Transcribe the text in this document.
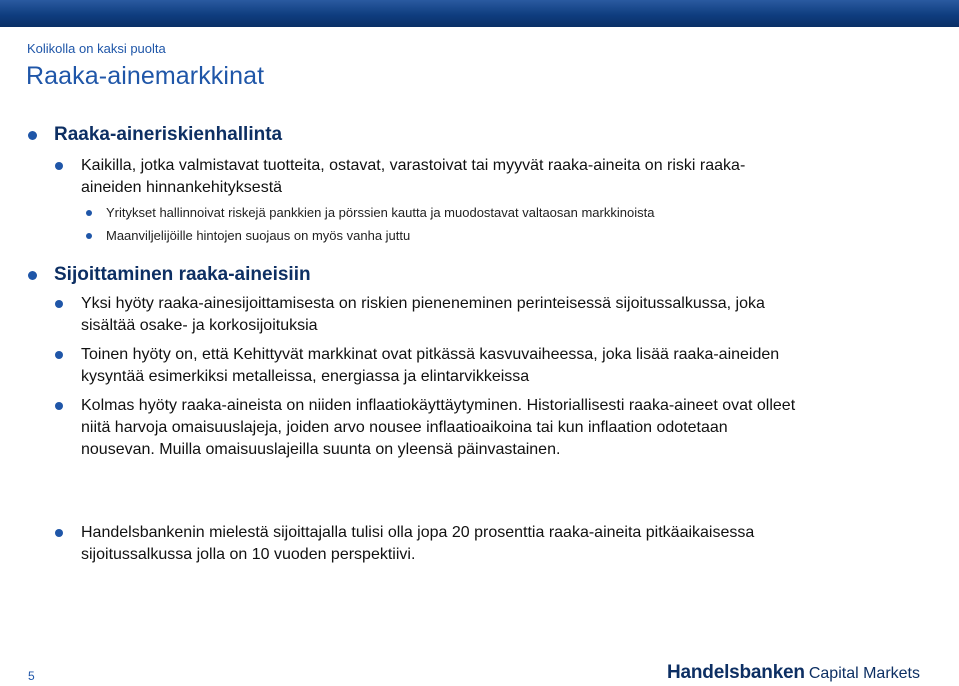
Kolikolla on kaksi puolta
Raaka-ainemarkkinat
Raaka-aineriskienhallinta
Kaikilla, jotka valmistavat tuotteita, ostavat, varastoivat tai myyvät raaka-aineita on riski raaka-
aineiden hinnankehityksestä
Yritykset hallinnoivat riskejä pankkien ja pörssien kautta ja muodostavat valtaosan markkinoista
Maanviljelijöille hintojen suojaus on myös vanha juttu
Sijoittaminen raaka-aineisiin
Yksi hyöty raaka-ainesijoittamisesta on riskien pieneneminen perinteisessä sijoitussalkussa, joka
sisältää osake- ja korkosijoituksia
Toinen hyöty on, että Kehittyvät markkinat ovat pitkässä kasvuvaiheessa, joka lisää raaka-aineiden
kysyntää esimerkiksi metalleissa, energiassa ja elintarvikkeissa
Kolmas hyöty raaka-aineista on niiden inflaatiokäyttäytyminen. Historiallisesti raaka-aineet ovat olleet
niitä harvoja omaisuuslajeja, joiden arvo nousee inflaatioaikoina tai kun inflaation odotetaan
nousevan. Muilla omaisuuslajeilla suunta on yleensä päinvastainen.
Handelsbankenin mielestä sijoittajalla tulisi olla jopa 20 prosenttia raaka-aineita pitkäaikaisessa
sijoitussalkussa jolla on 10 vuoden perspektiivi.
5	Handelsbanken Capital Markets
